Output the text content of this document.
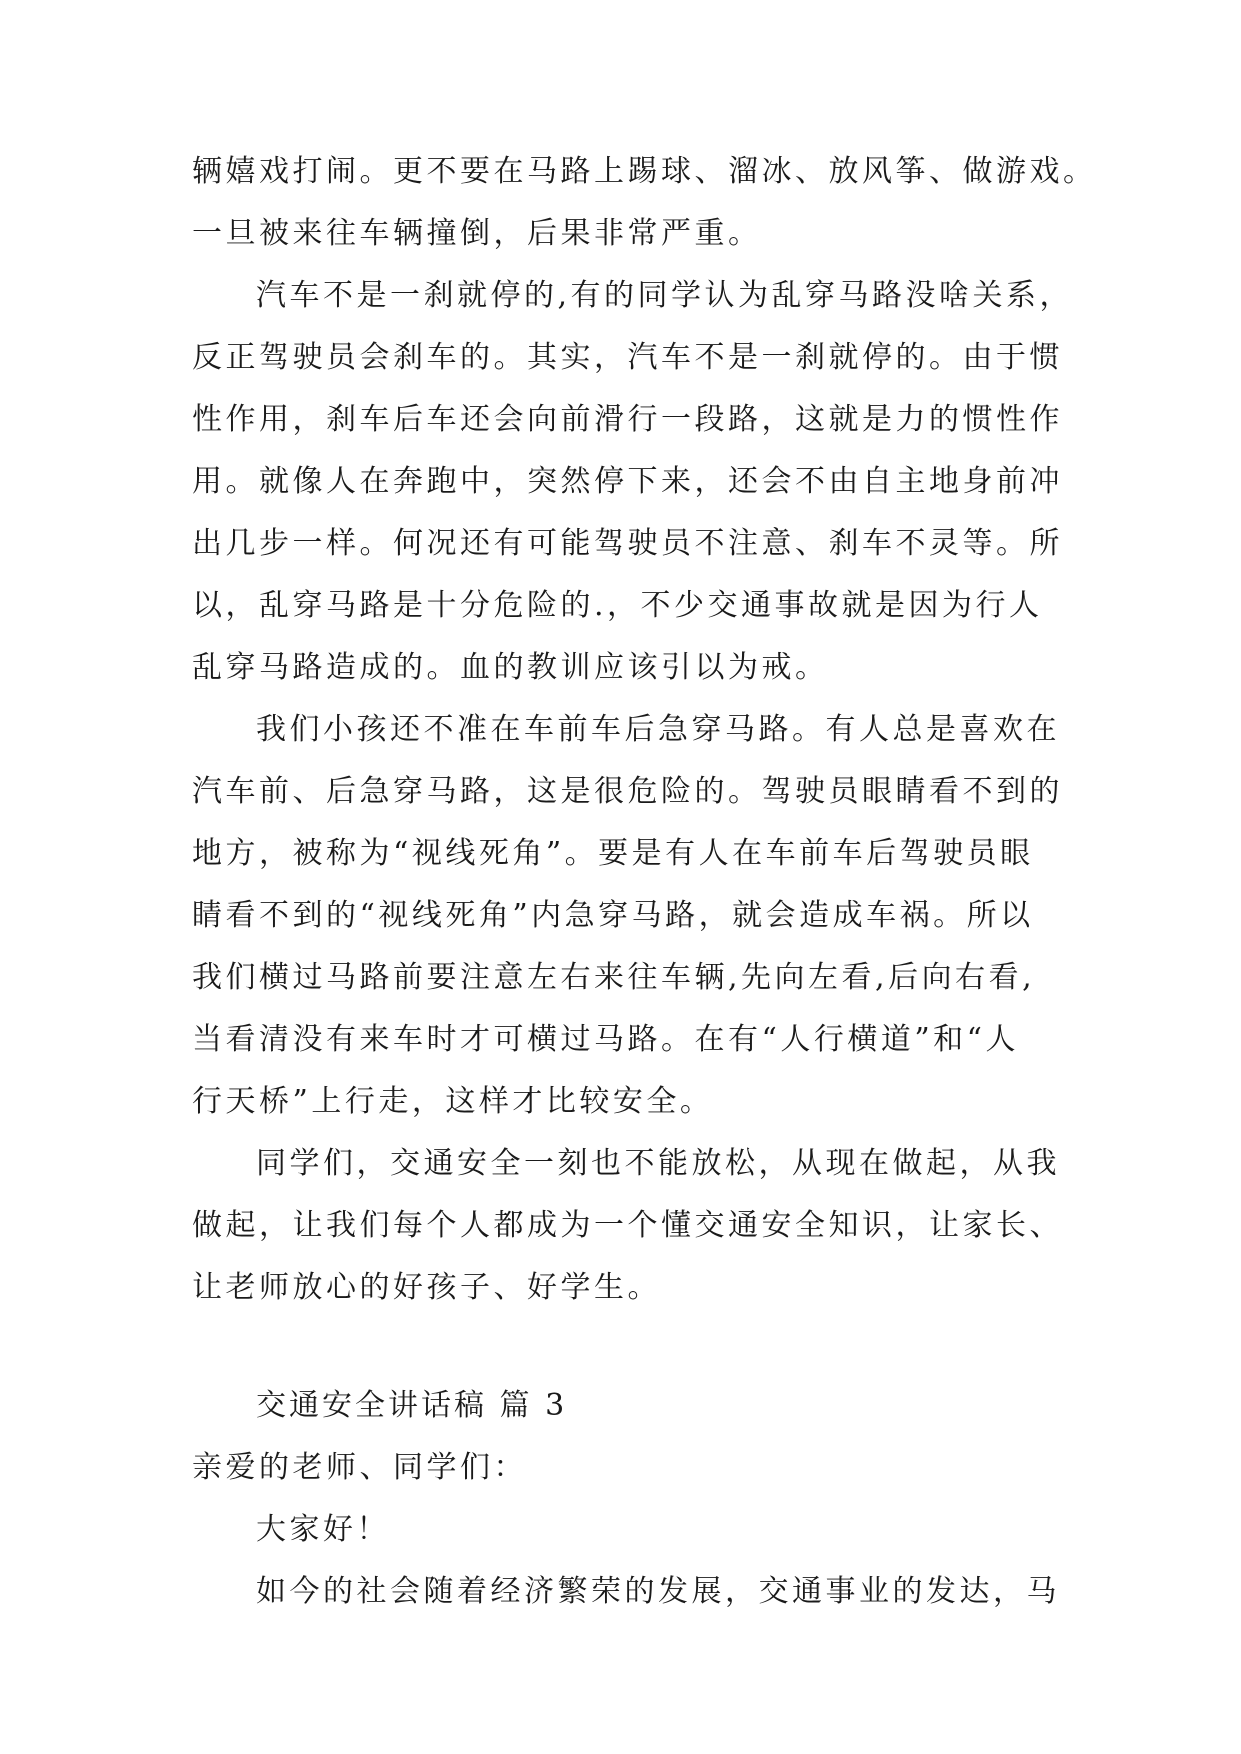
辆嬉戏打闹。更不要在马路上踢球、溜冰、放风筝、做游戏。
一旦被来往车辆撞倒，后果非常严重。
汽车不是一刹就停的,有的同学认为乱穿马路没啥关系，
反正驾驶员会刹车的。其实，汽车不是一刹就停的。由于惯
性作用，刹车后车还会向前滑行一段路，这就是力的惯性作
用。就像人在奔跑中，突然停下来，还会不由自主地身前冲
出几步一样。何况还有可能驾驶员不注意、刹车不灵等。所
以，乱穿马路是十分危险的.，不少交通事故就是因为行人
乱穿马路造成的。血的教训应该引以为戒。
我们小孩还不准在车前车后急穿马路。有人总是喜欢在
汽车前、后急穿马路，这是很危险的。驾驶员眼睛看不到的
地方，被称为“视线死角”。要是有人在车前车后驾驶员眼
睛看不到的“视线死角”内急穿马路，就会造成车祸。所以
我们横过马路前要注意左右来往车辆,先向左看,后向右看,
当看清没有来车时才可横过马路。在有“人行横道”和“人
行天桥”上行走，这样才比较安全。
同学们，交通安全一刻也不能放松，从现在做起，从我
做起，让我们每个人都成为一个懂交通安全知识，让家长、
让老师放心的好孩子、好学生。
交通安全讲话稿 篇 3
亲爱的老师、同学们：
大家好！
如今的社会随着经济繁荣的发展，交通事业的发达，马
